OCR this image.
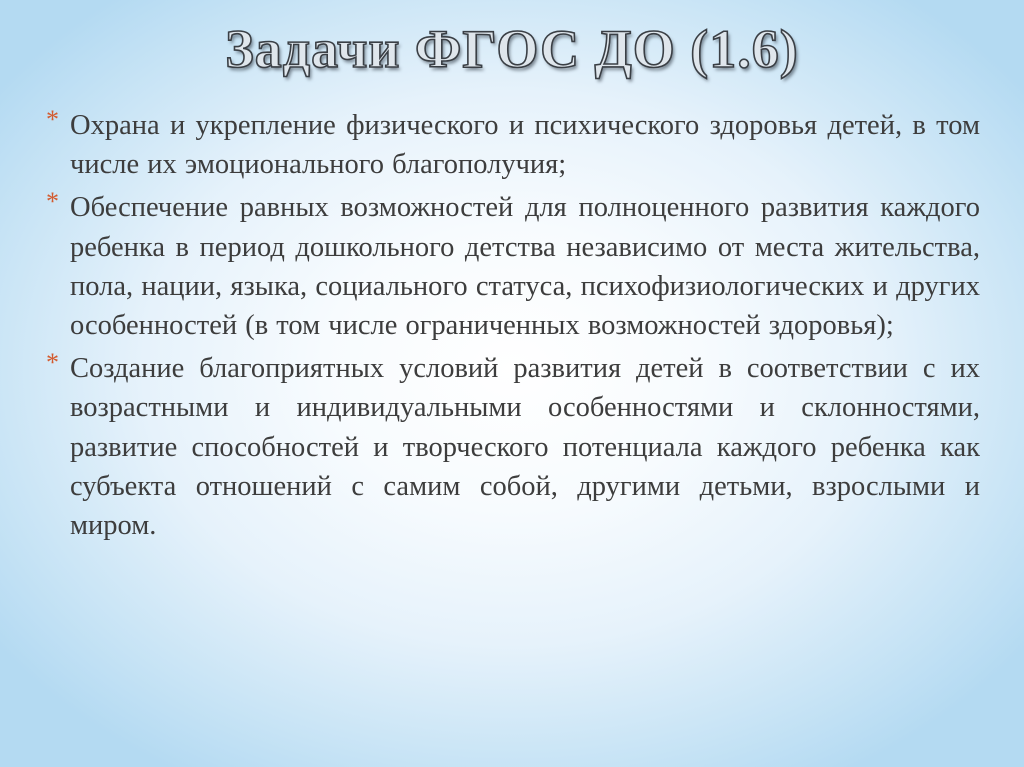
Задачи ФГОС ДО (1.6)
* Охрана и укрепление физического и психического здоровья детей, в том числе их эмоционального благополучия;
* Обеспечение равных возможностей для полноценного развития каждого ребенка в период дошкольного детства независимо от места жительства, пола, нации, языка, социального статуса, психофизиологических и других особенностей (в том числе ограниченных возможностей здоровья);
* Создание благоприятных условий развития детей в соответствии с их возрастными и индивидуальными особенностями и склонностями, развитие способностей и творческого потенциала каждого ребенка как субъекта отношений с самим собой, другими детьми, взрослыми и миром.
